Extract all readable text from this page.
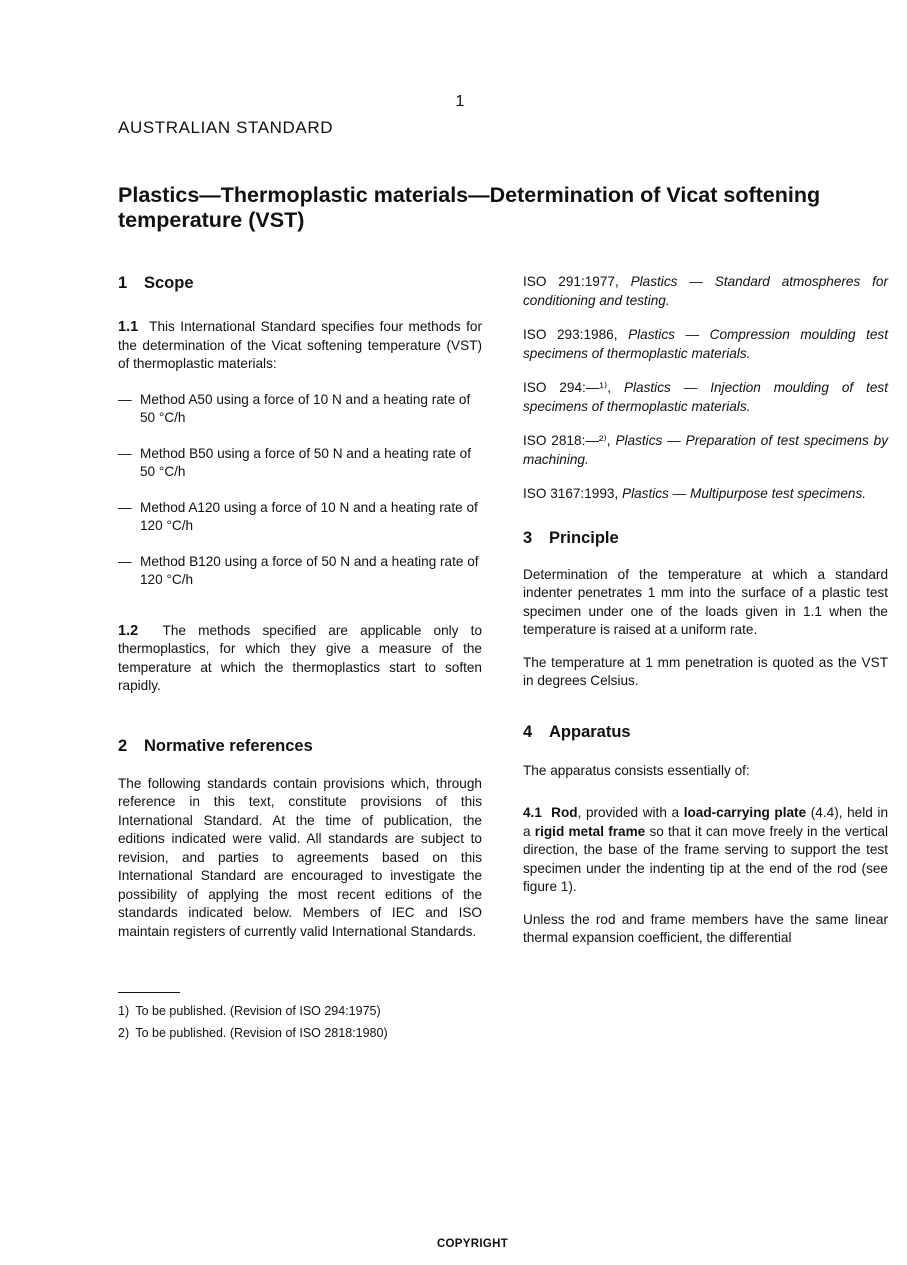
1
AUSTRALIAN STANDARD
Plastics—Thermoplastic materials—Determination of Vicat softening temperature (VST)
1 Scope

1.1 This International Standard specifies four methods for the determination of the Vicat softening temperature (VST) of thermoplastic materials:

— Method A50 using a force of 10 N and a heating rate of 50 °C/h
— Method B50 using a force of 50 N and a heating rate of 50 °C/h
— Method A120 using a force of 10 N and a heating rate of 120 °C/h
— Method B120 using a force of 50 N and a heating rate of 120 °C/h

1.2 The methods specified are applicable only to thermoplastics, for which they give a measure of the temperature at which the thermoplastics start to soften rapidly.

2 Normative references

The following standards contain provisions which, through reference in this text, constitute provisions of this International Standard. At the time of publication, the editions indicated were valid. All standards are subject to revision, and parties to agreements based on this International Standard are encouraged to investigate the possibility of applying the most recent editions of the standards indicated below. Members of IEC and ISO maintain registers of currently valid International Standards.

1) To be published. (Revision of ISO 294:1975)
2) To be published. (Revision of ISO 2818:1980)

ISO 291:1977, Plastics — Standard atmospheres for conditioning and testing.

ISO 293:1986, Plastics — Compression moulding test specimens of thermoplastic materials.

ISO 294:—¹⁾, Plastics — Injection moulding of test specimens of thermoplastic materials.

ISO 2818:—²⁾, Plastics — Preparation of test specimens by machining.

ISO 3167:1993, Plastics — Multipurpose test specimens.

3 Principle

Determination of the temperature at which a standard indenter penetrates 1 mm into the surface of a plastic test specimen under one of the loads given in 1.1 when the temperature is raised at a uniform rate.

The temperature at 1 mm penetration is quoted as the VST in degrees Celsius.

4 Apparatus

The apparatus consists essentially of:

4.1 Rod, provided with a load-carrying plate (4.4), held in a rigid metal frame so that it can move freely in the vertical direction, the base of the frame serving to support the test specimen under the indenting tip at the end of the rod (see figure 1).

Unless the rod and frame members have the same linear thermal expansion coefficient, the differential

COPYRIGHT
